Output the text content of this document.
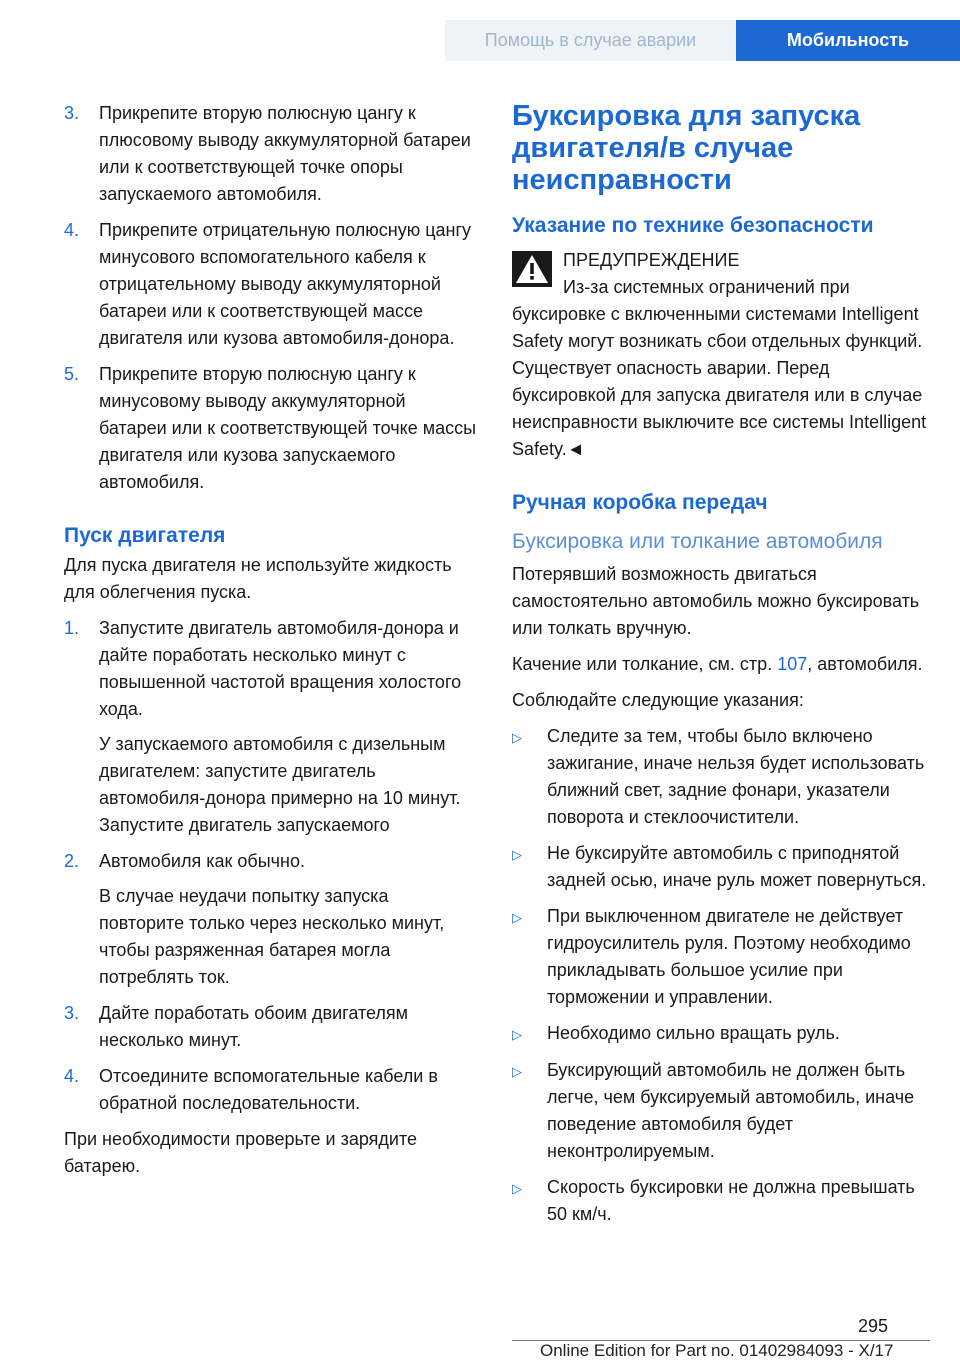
Помощь в случае аварии	Мобильность
3.	Прикрепите вторую полюсную цангу к плюсовому выводу аккумуляторной батареи или к соответствующей точке опоры запускаемого автомобиля.
4.	Прикрепите отрицательную полюсную цангу минусового вспомогательного кабеля к отрицательному выводу аккумуляторной батареи или к соответствующей массе двигателя или кузова автомобиля-донора.
5.	Прикрепите вторую полюсную цангу к минусовому выводу аккумуляторной батареи или к соответствующей точке массы двигателя или кузова запускаемого автомобиля.
Пуск двигателя

Для пуска двигателя не используйте жидкость для облегчения пуска.

1.	Запустите двигатель автомобиля-донора и дайте поработать несколько минут с повышенной частотой вращения холостого хода.

У запускаемого автомобиля с дизельным двигателем: запустите двигатель автомобиля-донора примерно на 10 минут. Запустите двигатель запускаемого

2.	Автомобиля как обычно.

В случае неудачи попытку запуска повторите только через несколько минут, чтобы разряженная батарея могла потреблять ток.

3.	Дайте поработать обоим двигателям несколько минут.
4.	Отсоедините вспомогательные кабели в обратной последовательности.

При необходимости проверьте и зарядите батарею.

Буксировка для запуска двигателя/в случае неисправности
Указание по технике безопасности
ПРЕДУПРЕЖДЕНИЕ
Из-за системных ограничений при буксировке с включенными системами Intelligent Safety могут возникать сбои отдельных функций. Существует опасность аварии. Перед буксировкой для запуска двигателя или в случае неисправности выключите все системы Intelligent Safety.◄
Ручная коробка передач
Буксировка или толкание автомобиля

Потерявший возможность двигаться самостоятельно автомобиль можно буксировать или толкать вручную.

Качение или толкание, см. стр. 107, автомобиля.

Соблюдайте следующие указания:

▷	Следите за тем, чтобы было включено зажигание, иначе нельзя будет использовать ближний свет, задние фонари, указатели поворота и стеклоочистители.
▷	Не буксируйте автомобиль с приподнятой задней осью, иначе руль может повернуться.
▷	При выключенном двигателе не действует гидроусилитель руля. Поэтому необходимо прикладывать большое усилие при торможении и управлении.
▷	Необходимо сильно вращать руль.
▷	Буксирующий автомобиль не должен быть легче, чем буксируемый автомобиль, иначе поведение автомобиля будет неконтролируемым.
▷	Скорость буксировки не должна превышать 50 км/ч.
295
Online Edition for Part no. 01402984093 - X/17
